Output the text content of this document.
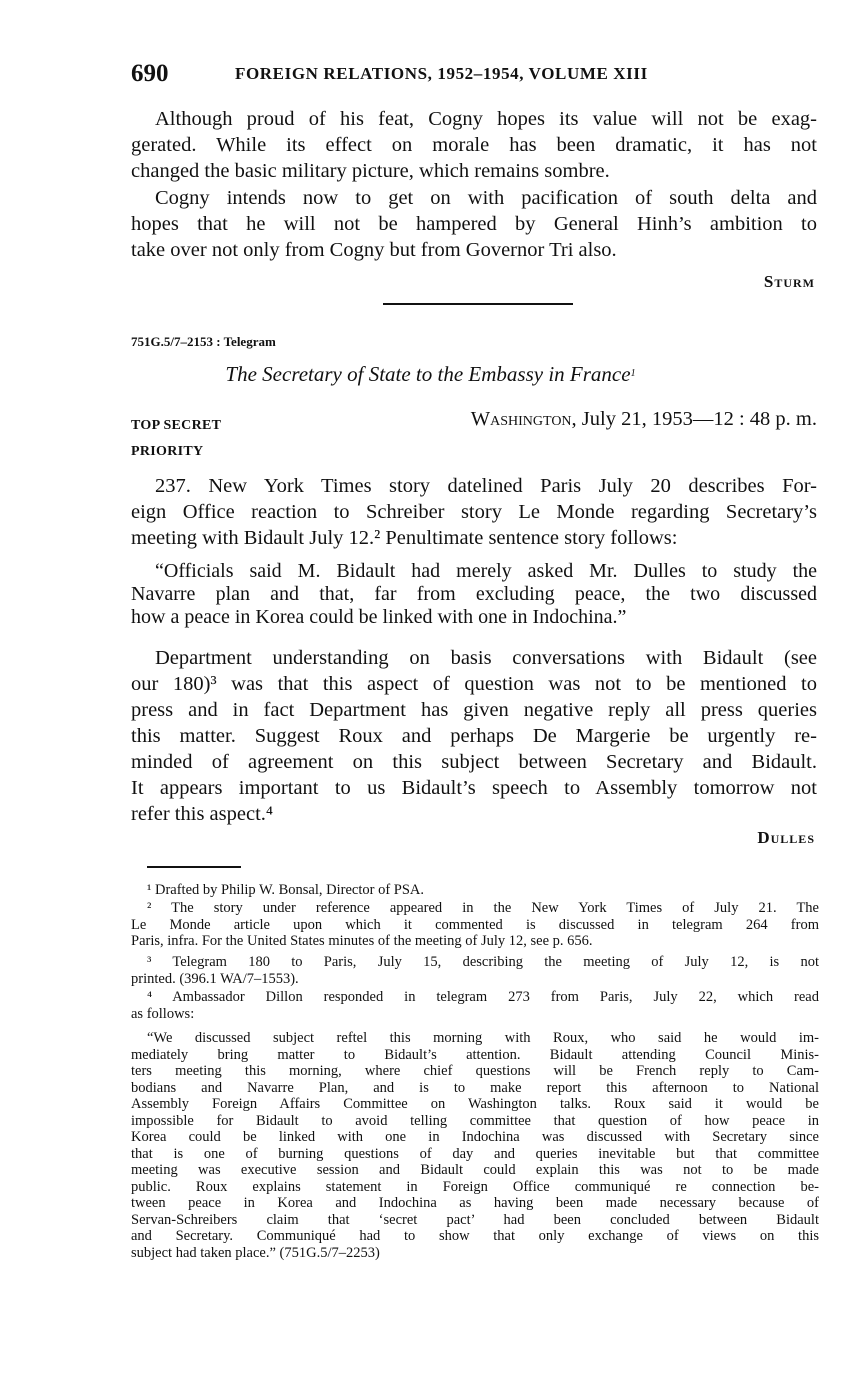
690	FOREIGN RELATIONS, 1952–1954, VOLUME XIII
Although proud of his feat, Cogny hopes its value will not be exag-
gerated. While its effect on morale has been dramatic, it has not
changed the basic military picture, which remains sombre.
Cogny intends now to get on with pacification of south delta and
hopes that he will not be hampered by General Hinh’s ambition to
take over not only from Cogny but from Governor Tri also.
Sturm
751G.5/7–2153 : Telegram
The Secretary of State to the Embassy in France$^1$
TOP SECRET
PRIORITY
Washington, July 21, 1953—12 : 48 p. m.
237. New York Times story datelined Paris July 20 describes For-
eign Office reaction to Schreiber story Le Monde regarding Secretary’s
meeting with Bidault July 12.² Penultimate sentence story follows:
“Officials said M. Bidault had merely asked Mr. Dulles to study the
Navarre plan and that, far from excluding peace, the two discussed
how a peace in Korea could be linked with one in Indochina.”
Department understanding on basis conversations with Bidault (see
our 180)³ was that this aspect of question was not to be mentioned to
press and in fact Department has given negative reply all press queries
this matter. Suggest Roux and perhaps De Margerie be urgently re-
minded of agreement on this subject between Secretary and Bidault.
It appears important to us Bidault’s speech to Assembly tomorrow not
refer this aspect.⁴
Dulles
¹ Drafted by Philip W. Bonsal, Director of PSA.
² The story under reference appeared in the New York Times of July 21. The
Le Monde article upon which it commented is discussed in telegram 264 from
Paris, infra. For the United States minutes of the meeting of July 12, see p. 656.
³ Telegram 180 to Paris, July 15, describing the meeting of July 12, is not
printed. (396.1 WA/7–1553).
⁴ Ambassador Dillon responded in telegram 273 from Paris, July 22, which read
as follows:
“We discussed subject reftel this morning with Roux, who said he would im-
mediately bring matter to Bidault’s attention. Bidault attending Council Minis-
ters meeting this morning, where chief questions will be French reply to Cam-
bodians and Navarre Plan, and is to make report this afternoon to National
Assembly Foreign Affairs Committee on Washington talks. Roux said it would be
impossible for Bidault to avoid telling committee that question of how peace in
Korea could be linked with one in Indochina was discussed with Secretary since
that is one of burning questions of day and queries inevitable but that committee
meeting was executive session and Bidault could explain this was not to be made
public. Roux explains statement in Foreign Office communiqué re connection be-
tween peace in Korea and Indochina as having been made necessary because of
Servan-Schreibers claim that ‘secret pact’ had been concluded between Bidault
and Secretary. Communiqué had to show that only exchange of views on this
subject had taken place.” (751G.5/7–2253)
